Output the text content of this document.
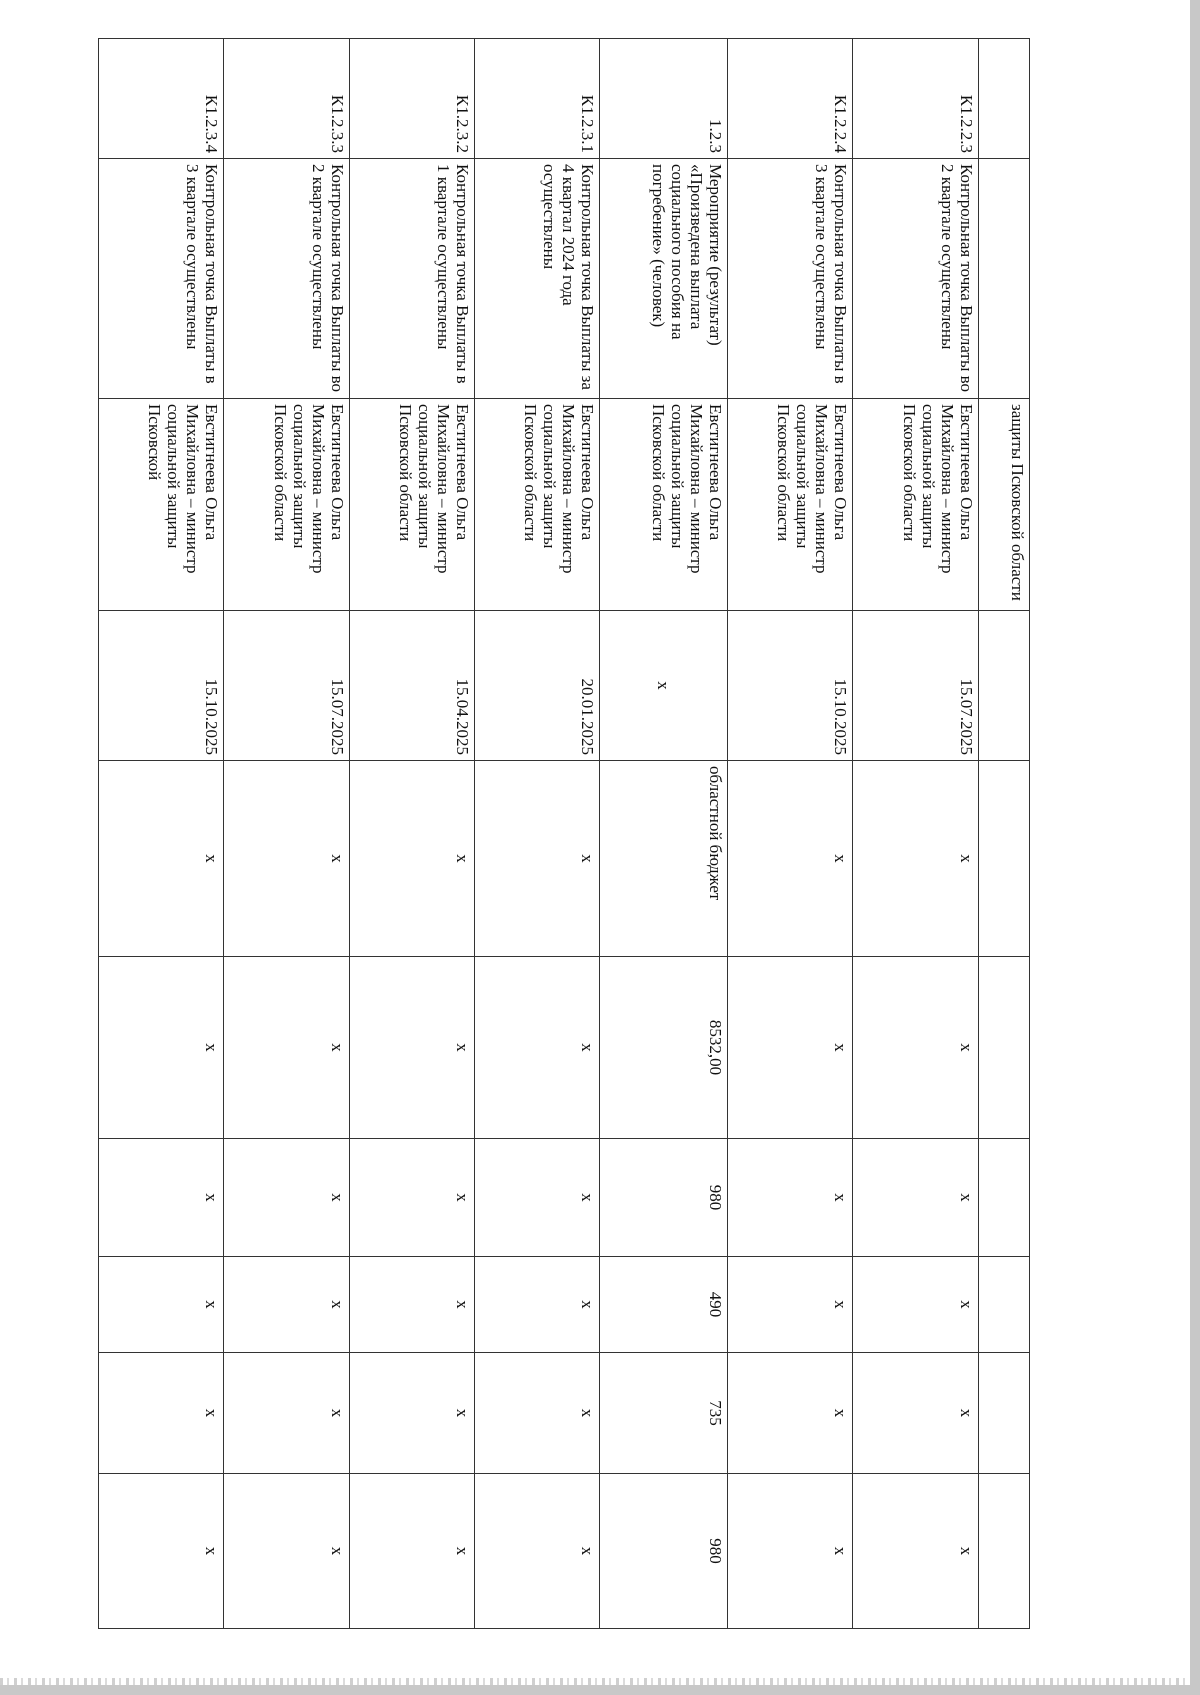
		защиты Псковской области							
К1.2.2.3	Контрольная точка Выплаты во 2 квартале осуществлены	Евстигнеева Ольга Михайловна – министр социальной защиты Псковской области	15.07.2025	x	x	x	x	x	x
К1.2.2.4	Контрольная точка Выплаты в 3 квартале осуществлены	Евстигнеева Ольга Михайловна – министр социальной защиты Псковской области	15.10.2025	x	x	x	x	x	x
1.2.3	Мероприятие (результат) «Произведена выплата социального пособия на погребение» (человек)	Евстигнеева Ольга Михайловна – министр социальной защиты Псковской области	x	областной бюджет	8532,00	980	490	735	980
К1.2.3.1	Контрольная точка Выплаты за 4 квартал 2024 года осуществлены	Евстигнеева Ольга Михайловна – министр социальной защиты Псковской области	20.01.2025	x	x	x	x	x	x
К1.2.3.2	Контрольная точка Выплаты в 1 квартале осуществлены	Евстигнеева Ольга Михайловна – министр социальной защиты Псковской области	15.04.2025	x	x	x	x	x	x
К1.2.3.3	Контрольная точка Выплаты во 2 квартале осуществлены	Евстигнеева Ольга Михайловна – министр социальной защиты Псковской области	15.07.2025	x	x	x	x	x	x
К1.2.3.4	Контрольная точка Выплаты в 3 квартале осуществлены	Евстигнеева Ольга Михайловна – министр социальной защиты Псковской	15.10.2025	x	x	x	x	x	x
